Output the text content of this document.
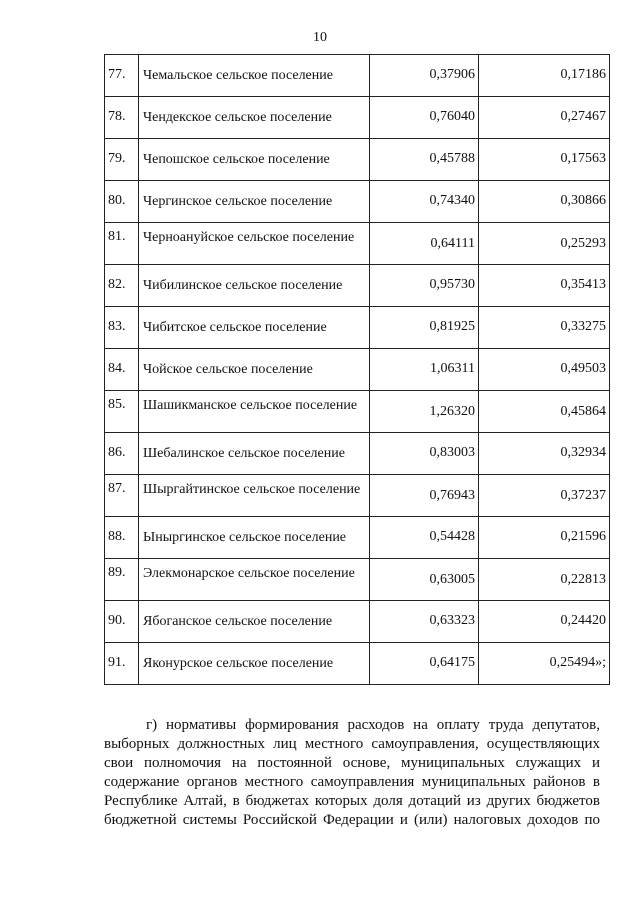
10
77.	Чемальское сельское поселение	0,37906	0,17186
78.	Чендекское сельское поселение	0,76040	0,27467
79.	Чепошское сельское поселение	0,45788	0,17563
80.	Чергинское сельское поселение	0,74340	0,30866
81.	Черноануйское сельское поселение	0,64111	0,25293
82.	Чибилинское сельское поселение	0,95730	0,35413
83.	Чибитское сельское поселение	0,81925	0,33275
84.	Чойское сельское поселение	1,06311	0,49503
85.	Шашикманское сельское поселение	1,26320	0,45864
86.	Шебалинское сельское поселение	0,83003	0,32934
87.	Шыргайтинское сельское поселение	0,76943	0,37237
88.	Ыныргинское сельское поселение	0,54428	0,21596
89.	Элекмонарское сельское поселение	0,63005	0,22813
90.	Ябоганское сельское поселение	0,63323	0,24420
91.	Яконурское сельское поселение	0,64175	0,25494»;
г) нормативы формирования расходов на оплату труда депутатов,
выборных должностных лиц местного самоуправления, осуществляющих
свои полномочия на постоянной основе, муниципальных служащих и
содержание органов местного самоуправления муниципальных районов в
Республике Алтай, в бюджетах которых доля дотаций из других бюджетов
бюджетной системы Российской Федерации и (или) налоговых доходов по
